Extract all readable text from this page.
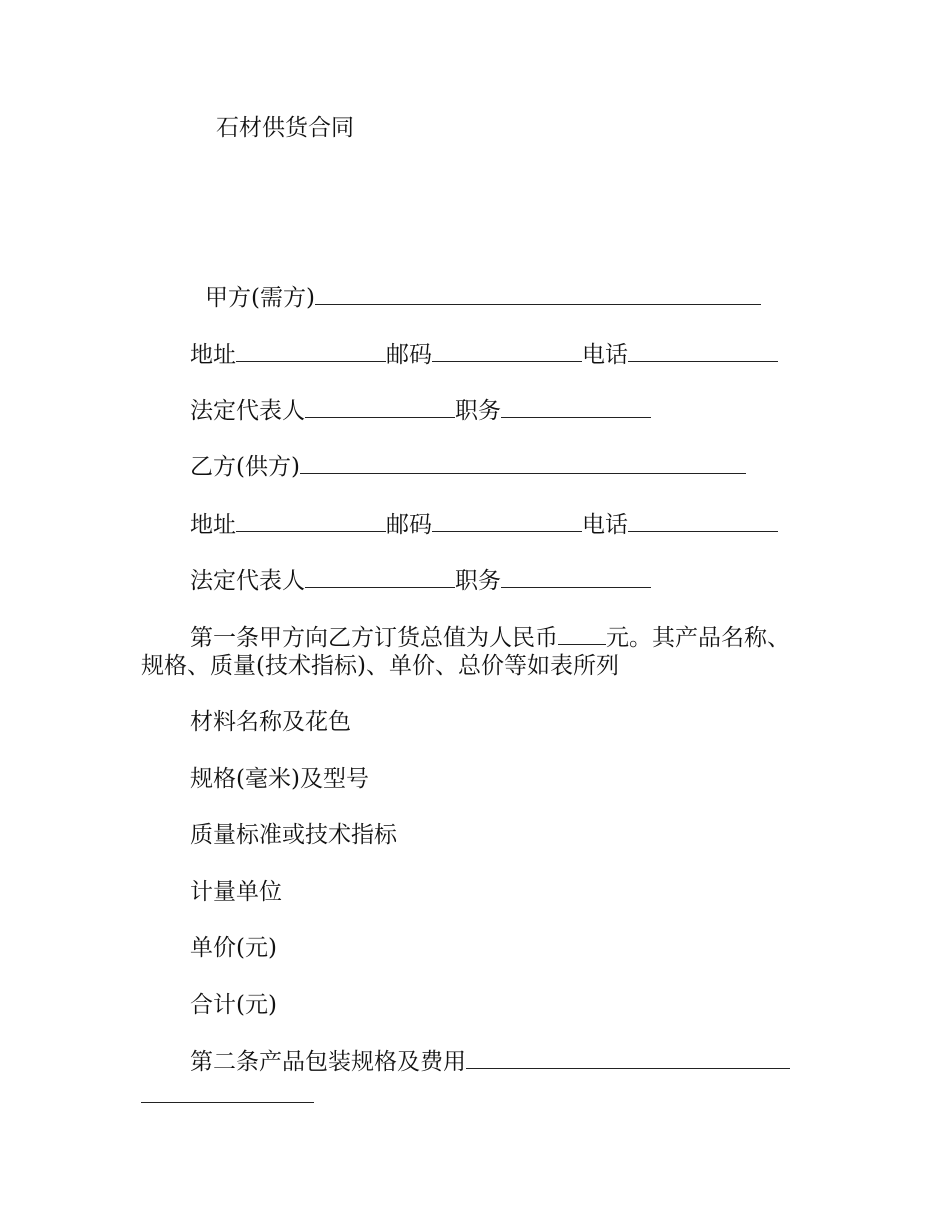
石材供货合同
甲方(需方)
地址	邮码	电话
法定代表人	职务
乙方(供方)
地址	邮码	电话
法定代表人	职务
第一条甲方向乙方订货总值为人民币 元。其产品名称、
规格、质量(技术指标)、单价、总价等如表所列
材料名称及花色
规格(毫米)及型号
质量标准或技术指标
计量单位
单价(元)
合计(元)
第二条产品包装规格及费用
